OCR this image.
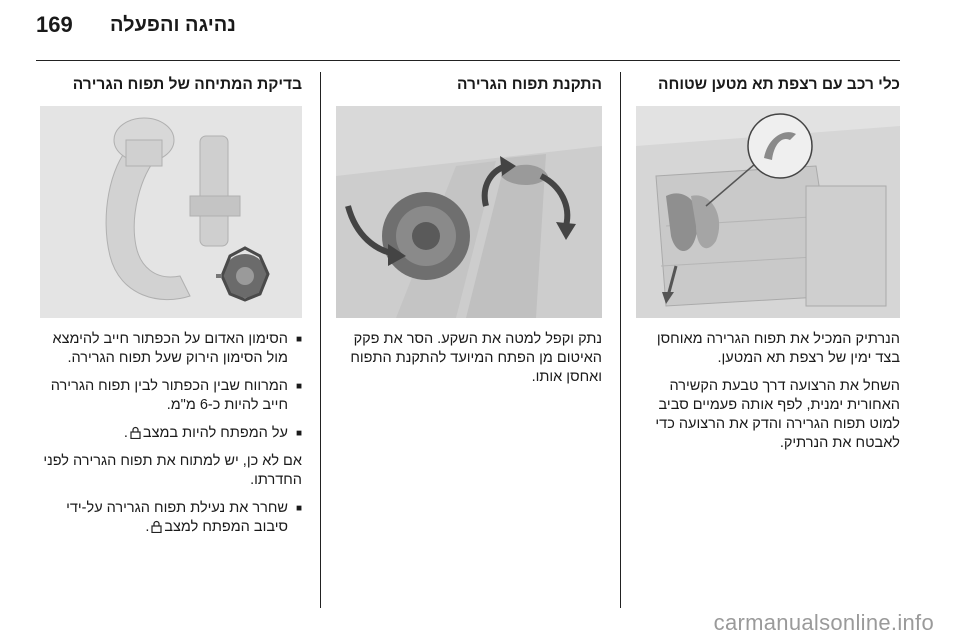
169 נהיגה והפעלה
כלי רכב עם רצפת תא מטען שטוחה

הנרתיק המכיל את תפוח הגרירה מאוחסן בצד ימין של רצפת תא המטען.

השחל את הרצועה דרך טבעת הקשירה האחורית ימנית, לפף אותה פעמיים סביב למוט תפוח הגרירה והדק את הרצועה כדי לאבטח את הנרתיק.

התקנת תפוח הגרירה

נתק וקפל למטה את השקע. הסר את פקק האיטום מן הפתח המיועד להתקנת התפוח ואחסן אותו.

בדיקת המתיחה של תפוח הגרירה
■ הסימון האדום על הכפתור חייב להימצא מול הסימון הירוק שעל תפוח הגרירה.
■ המרווח שבין הכפתור לבין תפוח הגרירה חייב להיות כ-6 מ"מ.
■ על המפתח להיות במצב.

אם לא כן, יש למתוח את תפוח הגרירה לפני החדרתו.

■ שחרר את נעילת תפוח הגרירה על-ידי סיבוב המפתח למצב.
carmanualsonline.info
